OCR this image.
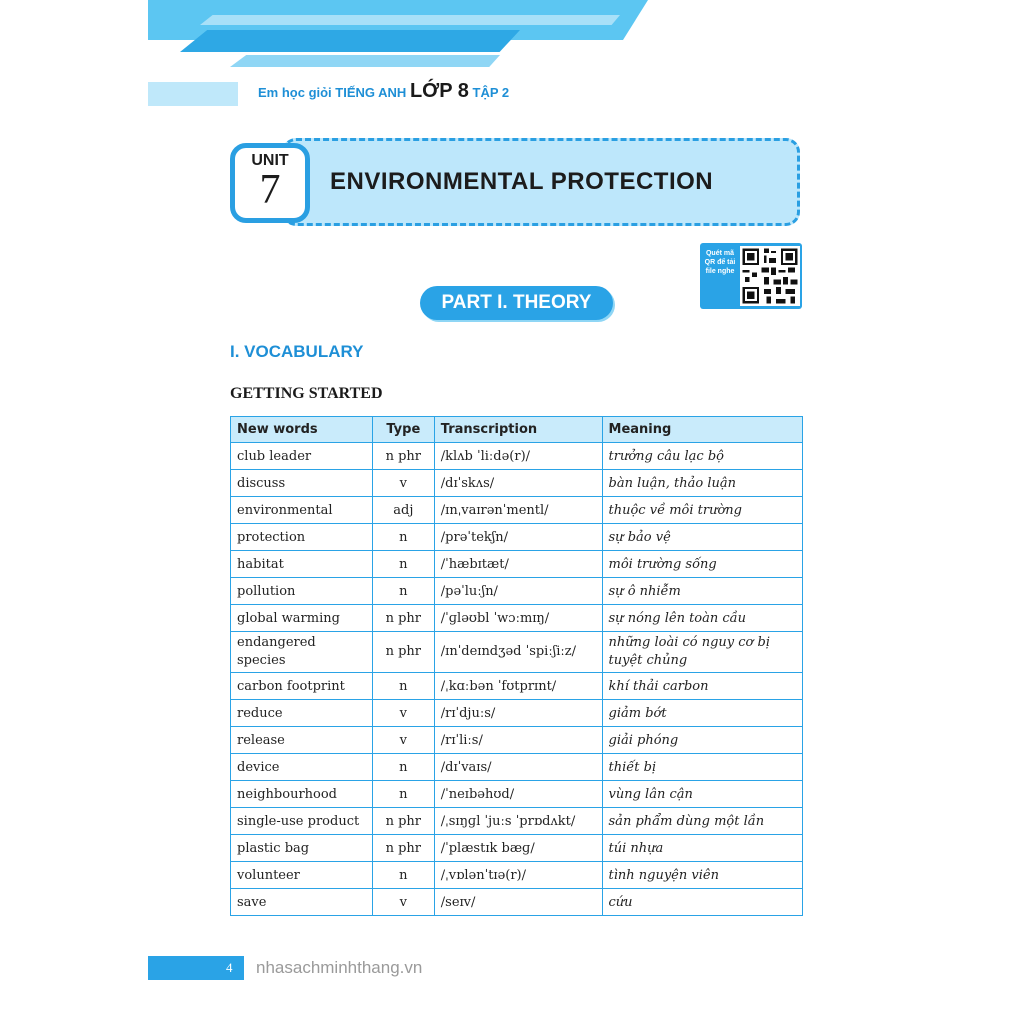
Em học giỏi TIẾNG ANH LỚP 8 TẬP 2
ENVIRONMENTAL PROTECTION
UNIT
7
Quét mã QR để tải file nghe
PART I. THEORY
I. VOCABULARY
GETTING STARTED
New words	Type	Transcription	Meaning
club leader	n phr	/klʌb ˈliːdə(r)/	trưởng câu lạc bộ
discuss	v	/dɪˈskʌs/	bàn luận, thảo luận
environmental	adj	/ɪnˌvaɪrənˈmentl/	thuộc về môi trường
protection	n	/prəˈtekʃn/	sự bảo vệ
habitat	n	/ˈhæbɪtæt/	môi trường sống
pollution	n	/pəˈluːʃn/	sự ô nhiễm
global warming	n phr	/ˈɡləʊbl ˈwɔːmɪŋ/	sự nóng lên toàn cầu
endangered species	n phr	/ɪnˈdeɪndʒəd ˈspiːʃiːz/	những loài có nguy cơ bị tuyệt chủng
carbon footprint	n	/ˌkɑːbən ˈfʊtprɪnt/	khí thải carbon
reduce	v	/rɪˈdjuːs/	giảm bớt
release	v	/rɪˈliːs/	giải phóng
device	n	/dɪˈvaɪs/	thiết bị
neighbourhood	n	/ˈneɪbəhʊd/	vùng lân cận
single-use product	n phr	/ˌsɪŋɡl ˈjuːs ˈprɒdʌkt/	sản phẩm dùng một lần
plastic bag	n phr	/ˈplæstɪk bæɡ/	túi nhựa
volunteer	n	/ˌvɒlənˈtɪə(r)/	tình nguyện viên
save	v	/seɪv/	cứu
4 nhasachminhthang.vn
